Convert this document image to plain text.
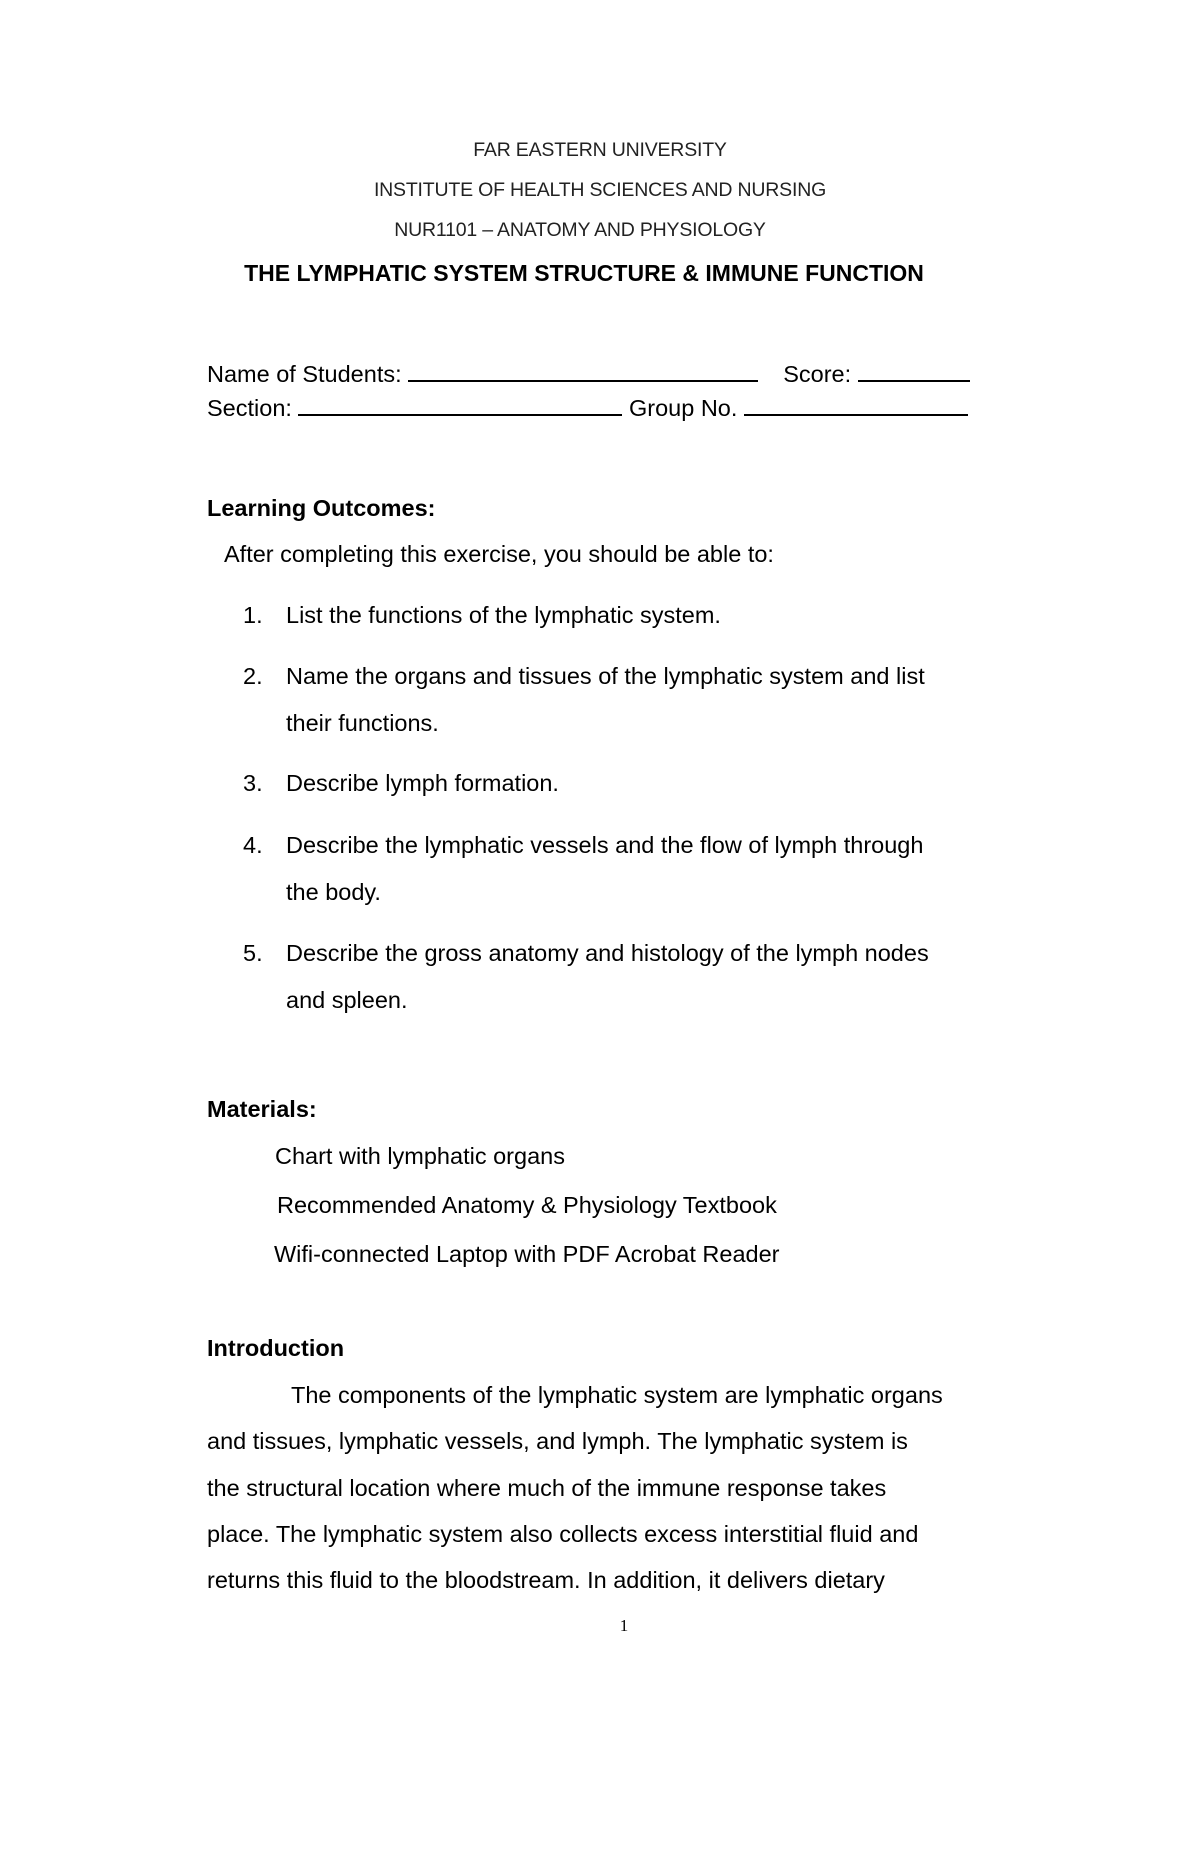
FAR EASTERN UNIVERSITY
INSTITUTE OF HEALTH SCIENCES AND NURSING
NUR1101 – ANATOMY AND PHYSIOLOGY
THE LYMPHATIC SYSTEM STRUCTURE & IMMUNE FUNCTION
Name of Students:	Score:
Section:	Group No.
Learning Outcomes:
After completing this exercise, you should be able to:
1. List the functions of the lymphatic system.
2. Name the organs and tissues of the lymphatic system and list
their functions.
3. Describe lymph formation.
4. Describe the lymphatic vessels and the flow of lymph through
the body.
5. Describe the gross anatomy and histology of the lymph nodes
and spleen.
Materials:
Chart with lymphatic organs
Recommended Anatomy & Physiology Textbook
Wifi-connected Laptop with PDF Acrobat Reader
Introduction
The components of the lymphatic system are lymphatic organs
and tissues, lymphatic vessels, and lymph. The lymphatic system is
the structural location where much of the immune response takes
place. The lymphatic system also collects excess interstitial fluid and
returns this fluid to the bloodstream. In addition, it delivers dietary
1
